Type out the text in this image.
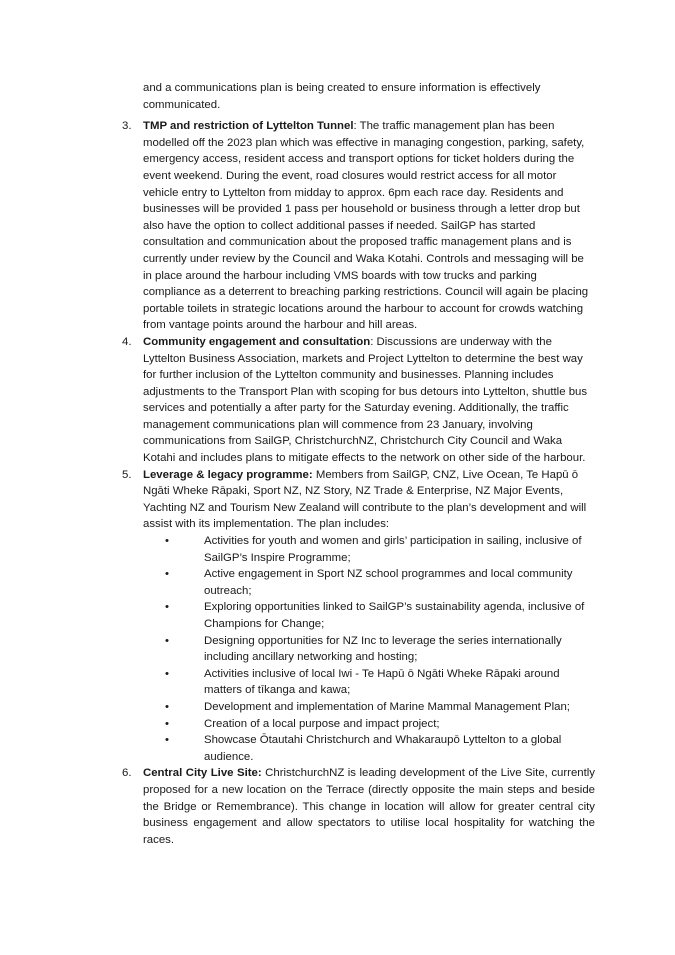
and a communications plan is being created to ensure information is effectively communicated.

3. TMP and restriction of Lyttelton Tunnel: The traffic management plan has been modelled off the 2023 plan which was effective in managing congestion, parking, safety, emergency access, resident access and transport options for ticket holders during the event weekend. During the event, road closures would restrict access for all motor vehicle entry to Lyttelton from midday to approx. 6pm each race day. Residents and businesses will be provided 1 pass per household or business through a letter drop but also have the option to collect additional passes if needed. SailGP has started consultation and communication about the proposed traffic management plans and is currently under review by the Council and Waka Kotahi. Controls and messaging will be in place around the harbour including VMS boards with tow trucks and parking compliance as a deterrent to breaching parking restrictions. Council will again be placing portable toilets in strategic locations around the harbour to account for crowds watching from vantage points around the harbour and hill areas.

4. Community engagement and consultation: Discussions are underway with the Lyttelton Business Association, markets and Project Lyttelton to determine the best way for further inclusion of the Lyttelton community and businesses. Planning includes adjustments to the Transport Plan with scoping for bus detours into Lyttelton, shuttle bus services and potentially a after party for the Saturday evening. Additionally, the traffic management communications plan will commence from 23 January, involving communications from SailGP, ChristchurchNZ, Christchurch City Council and Waka Kotahi and includes plans to mitigate effects to the network on other side of the harbour.

5. Leverage & legacy programme: Members from SailGP, CNZ, Live Ocean, Te Hapū ō Ngāti Wheke Rāpaki, Sport NZ, NZ Story, NZ Trade & Enterprise, NZ Major Events, Yachting NZ and Tourism New Zealand will contribute to the plan’s development and will assist with its implementation. The plan includes:

•	Activities for youth and women and girls’ participation in sailing, inclusive of SailGP’s Inspire Programme;
•	Active engagement in Sport NZ school programmes and local community outreach;
•	Exploring opportunities linked to SailGP’s sustainability agenda, inclusive of Champions for Change;
•	Designing opportunities for NZ Inc to leverage the series internationally including ancillary networking and hosting;
•	Activities inclusive of local Iwi - Te Hapū ō Ngāti Wheke Rāpaki around matters of tīkanga and kawa;
•	Development and implementation of Marine Mammal Management Plan;
•	Creation of a local purpose and impact project;
•	Showcase Ōtautahi Christchurch and Whakaraupō Lyttelton to a global audience.
6. Central City Live Site: ChristchurchNZ is leading development of the Live Site, currently proposed for a new location on the Terrace (directly opposite the main steps and beside the Bridge or Remembrance). This change in location will allow for greater central city business engagement and allow spectators to utilise local hospitality for watching the races.
